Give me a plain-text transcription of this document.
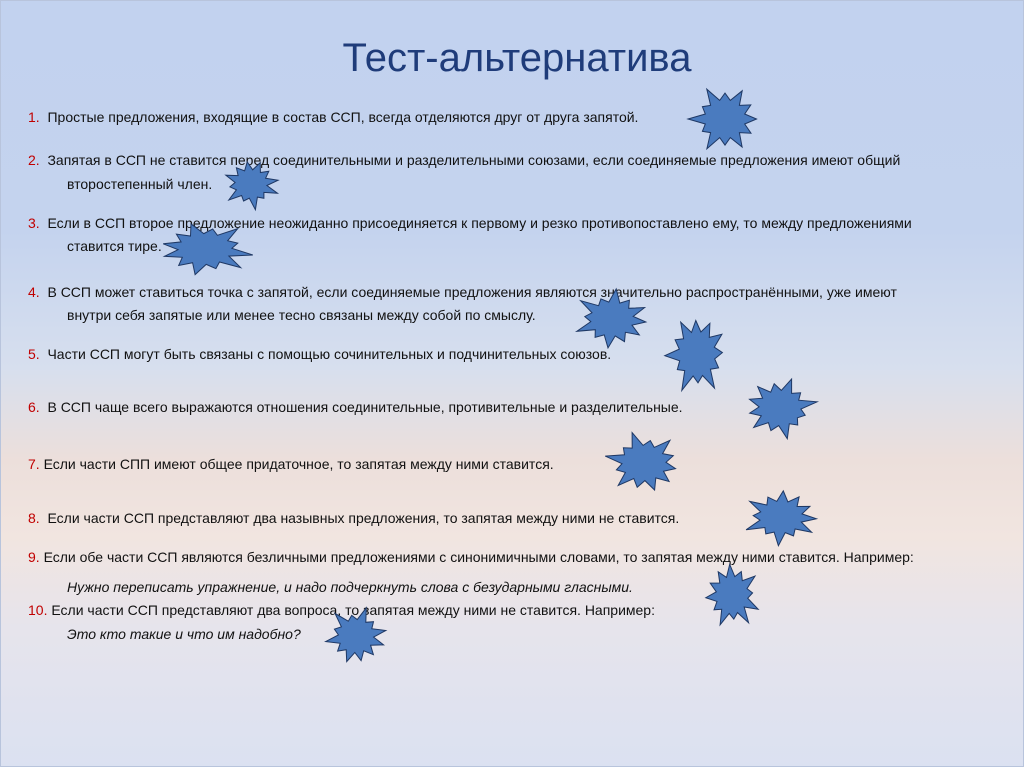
Тест-альтернатива
1. Простые предложения, входящие в состав ССП, всегда отделяются друг от друга запятой.
2. Запятая в ССП не ставится перед соединительными и разделительными союзами, если соединяемые предложения имеют общий
второстепенный член.
3. Если в ССП второе предложение неожиданно присоединяется к первому и резко противопоставлено ему, то между предложениями
ставится тире.
4. В ССП может ставиться точка с запятой, если соединяемые предложения являются значительно распространёнными, уже имеют
внутри себя запятые или менее тесно связаны между собой по смыслу.
5. Части ССП могут быть связаны с помощью сочинительных и подчинительных союзов.
6. В ССП чаще всего выражаются отношения соединительные, противительные и разделительные.
7. Если части СПП имеют общее придаточное, то запятая между ними ставится.
8. Если части ССП представляют два назывных предложения, то запятая между ними не ставится.
9. Если обе части ССП являются безличными предложениями с синонимичными словами, то запятая между ними ставится. Например:
Нужно переписать упражнение, и надо подчеркнуть слова с безударными гласными.
10. Если части ССП представляют два вопроса, то запятая между ними не ставится. Например:
Это кто такие и что им надобно?
